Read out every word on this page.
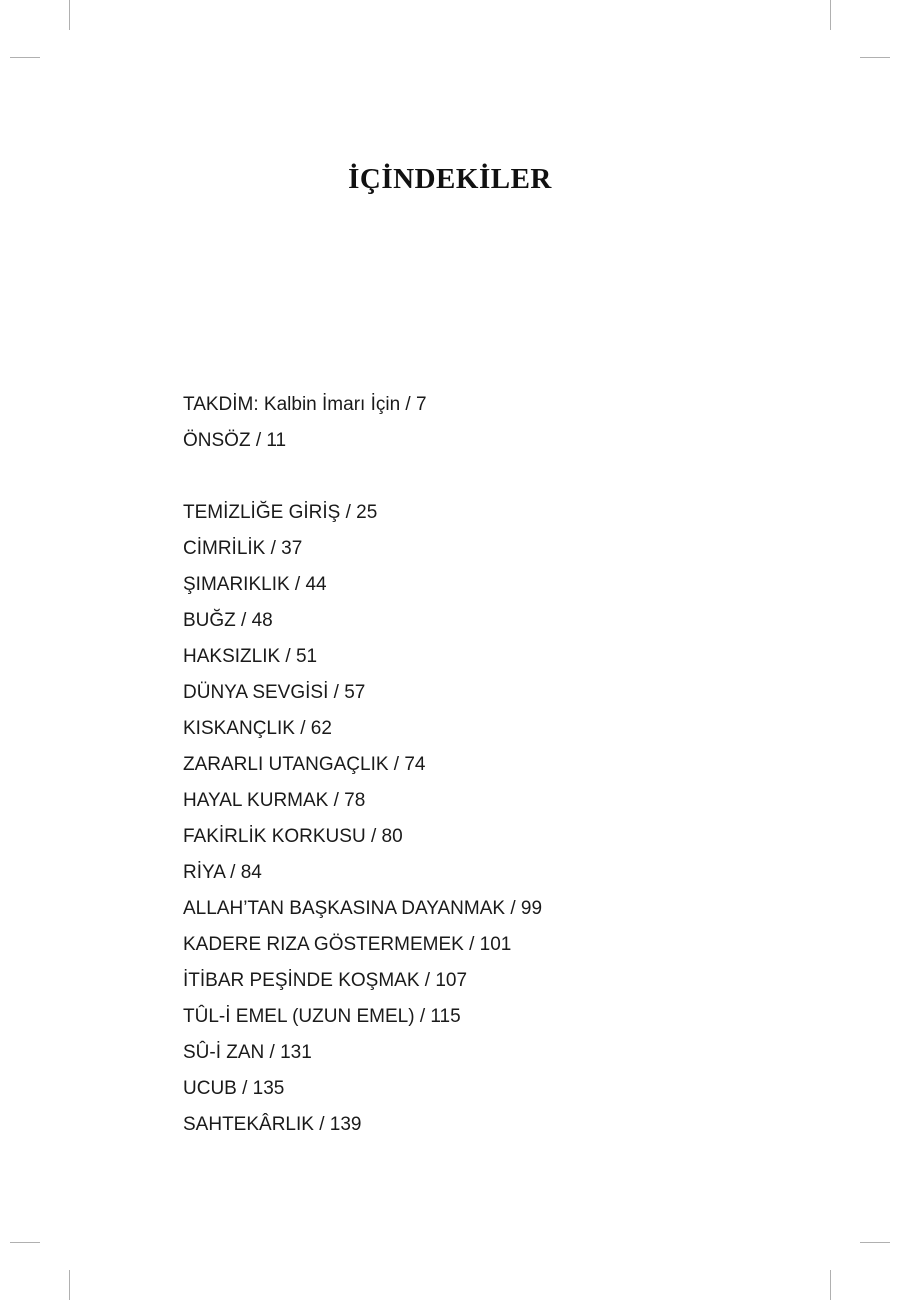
İÇİNDEKİLER
TAKDİM: Kalbin İmarı İçin / 7
ÖNSÖZ / 11
TEMİZLİĞE GİRİŞ / 25
CİMRİLİK / 37
ŞIMARIKLIK / 44
BUĞZ / 48
HAKSIZLIK / 51
DÜNYA SEVGİSİ / 57
KISKANÇLIK / 62
ZARARLI UTANGAÇLIK / 74
HAYAL KURMAK / 78
FAKİRLİK KORKUSU / 80
RİYA / 84
ALLAH’TAN BAŞKASINA DAYANMAK / 99
KADERE RIZA GÖSTERMEMEK / 101
İTİBAR PEŞİNDE KOŞMAK / 107
TÛL-İ EMEL (UZUN EMEL) / 115
SÛ-İ ZAN / 131
UCUB / 135
SAHTEKÂRLIK / 139
